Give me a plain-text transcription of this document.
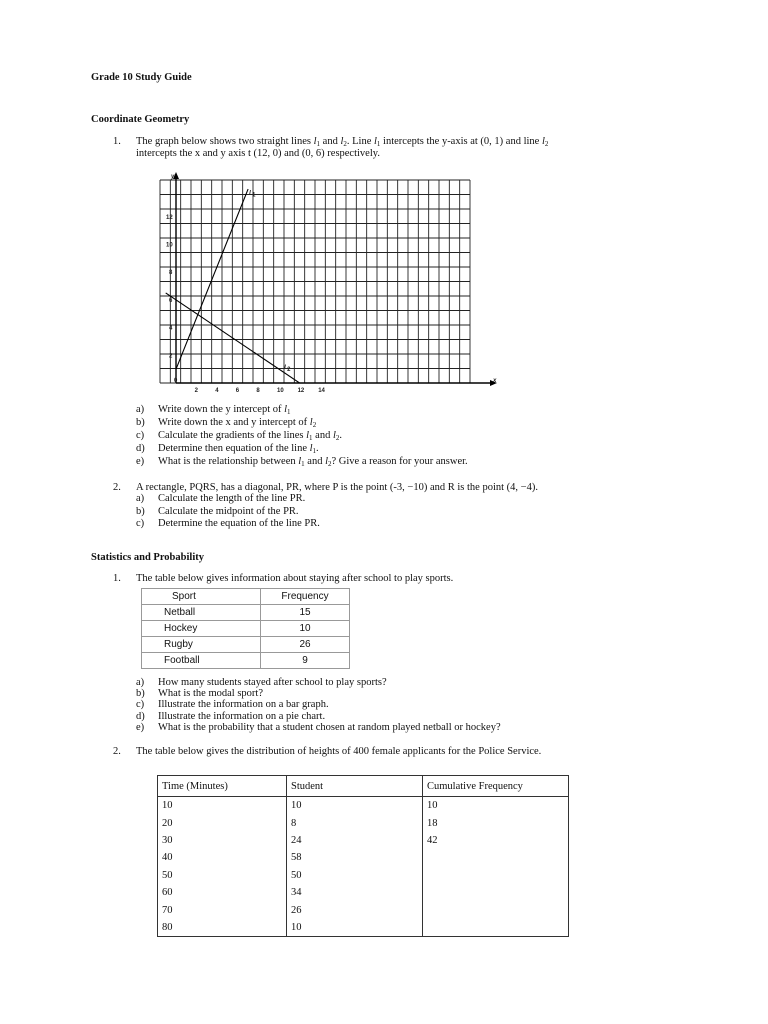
Grade 10 Study Guide
Coordinate Geometry
1. The graph below shows two straight lines $l_1$ and $l_2$. Line $l_1$ intercepts the y-axis at (0, 1) and line $l_2$
intercepts the x and y axis t (12, 0) and (0, 6) respectively.
2	4	6	8	10 12 14
2
4
6
8
10
12
0	x
y
l 1
l 2
a) Write down the y intercept of $l_1$
b) Write down the x and y intercept of $l_2$
c) Calculate the gradients of the lines $l_1$ and $l_2$.
d) Determine then equation of the line $l_1$.
e) What is the relationship between $l_1$ and $l_2$? Give a reason for your answer.
2. A rectangle, PQRS, has a diagonal, PR, where P is the point (-3, −10) and R is the point (4, −4).
a) Calculate the length of the line PR.
b) Calculate the midpoint of the PR.
c) Determine the equation of the line PR.
Statistics and Probability
1. The table below gives information about staying after school to play sports.
Sport	Frequency
Netball	15
Hockey	10
Rugby	26
Football	9
a) How many students stayed after school to play sports?
b) What is the modal sport?
c) Illustrate the information on a bar graph.
d) Illustrate the information on a pie chart.
e) What is the probability that a student chosen at random played netball or hockey?
2. The table below gives the distribution of heights of 400 female applicants for the Police Service.
Time (Minutes)	Student	Cumulative Frequency
10	10	10
20	8	18
30	24	42
40	58	
50	50	
60	34	
70	26	
80	10	
